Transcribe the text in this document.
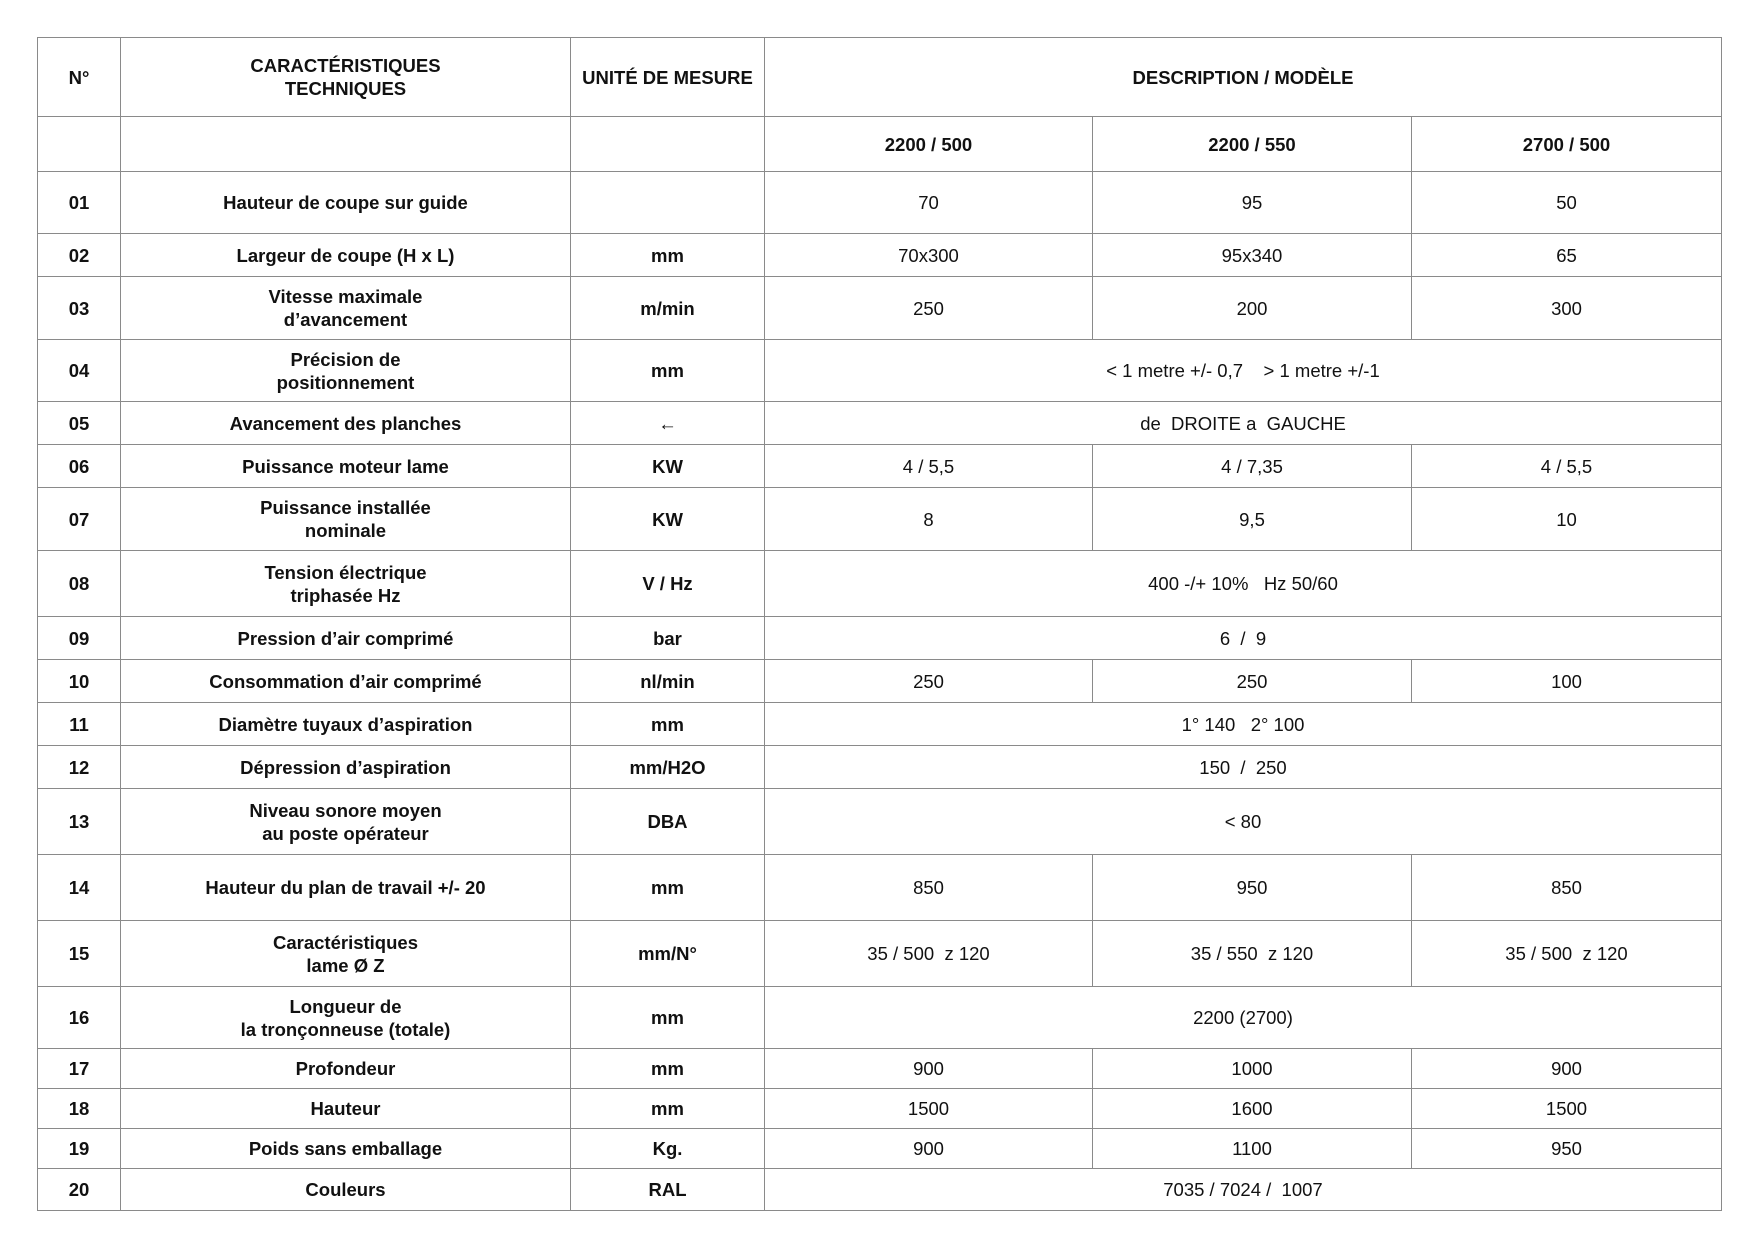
N°	CARACTÉRISTIQUES
TECHNIQUES	UNITÉ DE MESURE	DESCRIPTION / MODÈLE		
			2200 / 500	2200 / 550	2700 / 500
01	Hauteur de coupe sur guide		70	95	50
02	Largeur de coupe (H x L)	mm	70x300	95x340	65
03	Vitesse maximale
d’avancement	m/min	250	200	300
04	Précision de
positionnement	mm	< 1 metre +/- 0,7    > 1 metre +/-1		
05	Avancement des planches	←	de  DROITE a  GAUCHE		
06	Puissance moteur lame	KW	4 / 5,5	4 / 7,35	4 / 5,5
07	Puissance installée
nominale	KW	8	9,5	10
08	Tension électrique
triphasée Hz	V / Hz	400 -/+ 10%   Hz 50/60		
09	Pression d’air comprimé	bar	6  /  9		
10	Consommation d’air comprimé	nl/min	250	250	100
11	Diamètre tuyaux d’aspiration	mm	1° 140   2° 100		
12	Dépression d’aspiration	mm/H2O	150  /  250		
13	Niveau sonore moyen
au poste opérateur	DBA	< 80		
14	Hauteur du plan de travail +/- 20	mm	850	950	850
15	Caractéristiques
lame Ø Z	mm/N°	35 / 500  z 120	35 / 550  z 120	35 / 500  z 120
16	Longueur de
la tronçonneuse (totale)	mm	2200 (2700)		
17	Profondeur	mm	900	1000	900
18	Hauteur	mm	1500	1600	1500
19	Poids sans emballage	Kg.	900	1100	950
20	Couleurs	RAL	7035 / 7024 /  1007		
